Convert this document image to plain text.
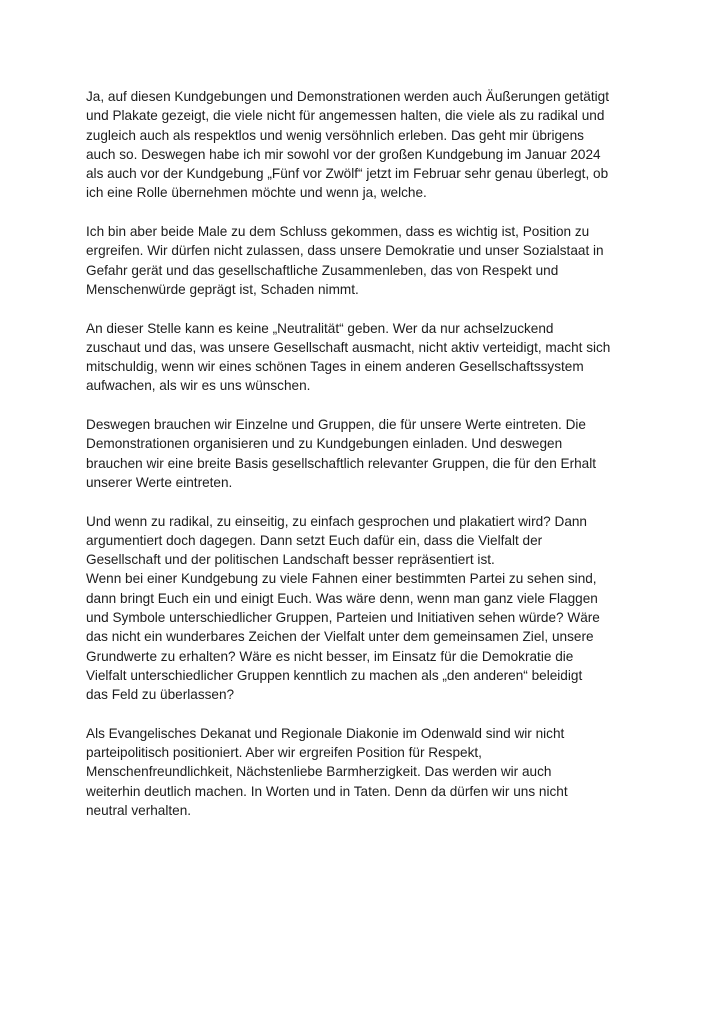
Ja, auf diesen Kundgebungen und Demonstrationen werden auch Äußerungen getätigt
und Plakate gezeigt, die viele nicht für angemessen halten, die viele als zu radikal und
zugleich auch als respektlos und wenig versöhnlich erleben. Das geht mir übrigens
auch so. Deswegen habe ich mir sowohl vor der großen Kundgebung im Januar 2024
als auch vor der Kundgebung „Fünf vor Zwölf“ jetzt im Februar sehr genau überlegt, ob
ich eine Rolle übernehmen möchte und wenn ja, welche.

Ich bin aber beide Male zu dem Schluss gekommen, dass es wichtig ist, Position zu
ergreifen. Wir dürfen nicht zulassen, dass unsere Demokratie und unser Sozialstaat in
Gefahr gerät und das gesellschaftliche Zusammenleben, das von Respekt und
Menschenwürde geprägt ist, Schaden nimmt.

An dieser Stelle kann es keine „Neutralität“ geben. Wer da nur achselzuckend
zuschaut und das, was unsere Gesellschaft ausmacht, nicht aktiv verteidigt, macht sich
mitschuldig, wenn wir eines schönen Tages in einem anderen Gesellschaftssystem
aufwachen, als wir es uns wünschen.

Deswegen brauchen wir Einzelne und Gruppen, die für unsere Werte eintreten. Die
Demonstrationen organisieren und zu Kundgebungen einladen. Und deswegen
brauchen wir eine breite Basis gesellschaftlich relevanter Gruppen, die für den Erhalt
unserer Werte eintreten.

Und wenn zu radikal, zu einseitig, zu einfach gesprochen und plakatiert wird? Dann
argumentiert doch dagegen. Dann setzt Euch dafür ein, dass die Vielfalt der
Gesellschaft und der politischen Landschaft besser repräsentiert ist.
Wenn bei einer Kundgebung zu viele Fahnen einer bestimmten Partei zu sehen sind,
dann bringt Euch ein und einigt Euch. Was wäre denn, wenn man ganz viele Flaggen
und Symbole unterschiedlicher Gruppen, Parteien und Initiativen sehen würde? Wäre
das nicht ein wunderbares Zeichen der Vielfalt unter dem gemeinsamen Ziel, unsere
Grundwerte zu erhalten? Wäre es nicht besser, im Einsatz für die Demokratie die
Vielfalt unterschiedlicher Gruppen kenntlich zu machen als „den anderen“ beleidigt
das Feld zu überlassen?

Als Evangelisches Dekanat und Regionale Diakonie im Odenwald sind wir nicht
parteipolitisch positioniert. Aber wir ergreifen Position für Respekt,
Menschenfreundlichkeit, Nächstenliebe Barmherzigkeit. Das werden wir auch
weiterhin deutlich machen. In Worten und in Taten. Denn da dürfen wir uns nicht
neutral verhalten.
